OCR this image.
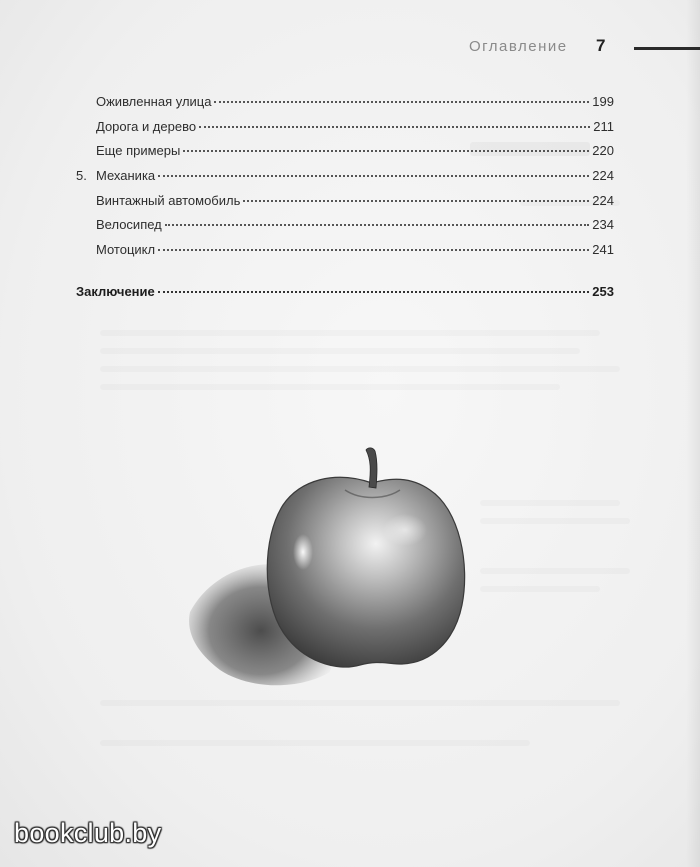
Оглавление 7
Оживленная улица	199
Дорога и дерево	211
Еще примеры	220
5. Механика	224
Винтажный автомобиль	224
Велосипед	234
Мотоцикл	241
Заключение	253
bookclub.by
